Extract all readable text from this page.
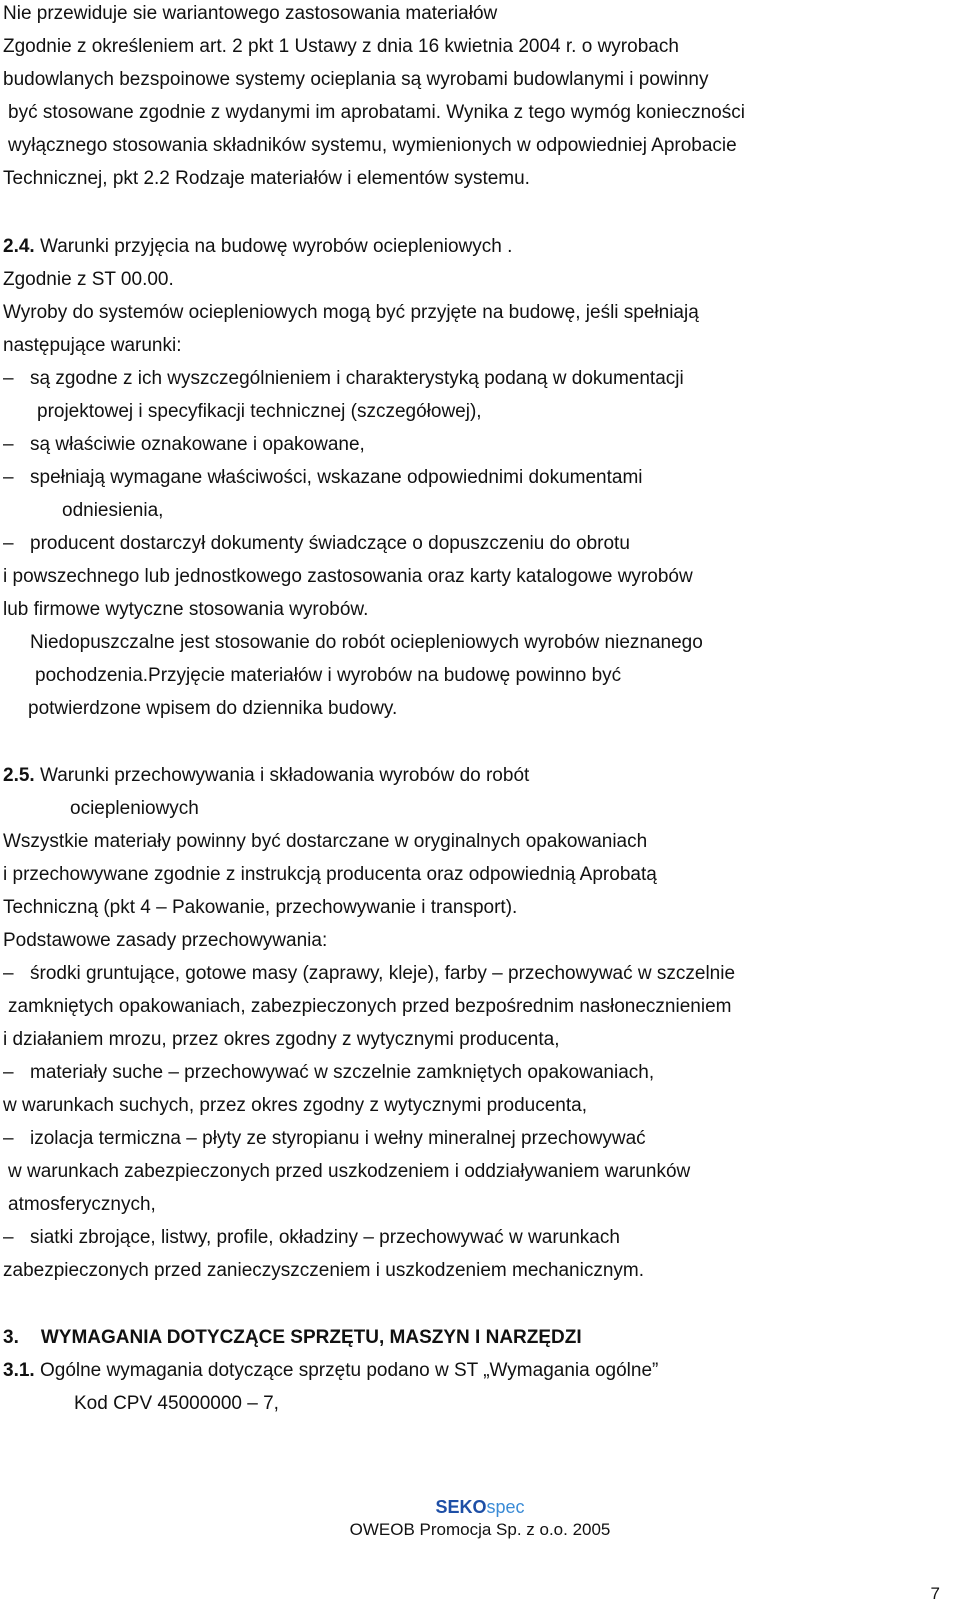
Nie przewiduje sie wariantowego zastosowania materiałów
Zgodnie z określeniem art. 2 pkt 1 Ustawy z dnia 16 kwietnia 2004 r. o wyrobach
budowlanych bezspoinowe systemy ocieplania są wyrobami budowlanymi i powinny
być stosowane zgodnie z wydanymi im aprobatami. Wynika z tego wymóg konieczności
wyłącznego stosowania składników systemu, wymienionych w odpowiedniej Aprobacie
Technicznej, pkt 2.2 Rodzaje materiałów i elementów systemu.
2.4. Warunki przyjęcia na budowę wyrobów ociepleniowych .
Zgodnie z ST 00.00.
Wyroby do systemów ociepleniowych mogą być przyjęte na budowę, jeśli spełniają
następujące warunki:
– są zgodne z ich wyszczególnieniem i charakterystyką podaną w dokumentacji
projektowej i specyfikacji technicznej (szczegółowej),
– są właściwie oznakowane i opakowane,
– spełniają wymagane właściwości, wskazane odpowiednimi dokumentami
odniesienia,
– producent dostarczył dokumenty świadczące o dopuszczeniu do obrotu
i powszechnego lub jednostkowego zastosowania oraz karty katalogowe wyrobów
lub firmowe wytyczne stosowania wyrobów.
Niedopuszczalne jest stosowanie do robót ociepleniowych wyrobów nieznanego
pochodzenia.Przyjęcie materiałów i wyrobów na budowę powinno być
potwierdzone wpisem do dziennika budowy.
2.5. Warunki przechowywania i składowania wyrobów do robót
ociepleniowych
Wszystkie materiały powinny być dostarczane w oryginalnych opakowaniach
i przechowywane zgodnie z instrukcją producenta oraz odpowiednią Aprobatą
Techniczną (pkt 4 – Pakowanie, przechowywanie i transport).
Podstawowe zasady przechowywania:
– środki gruntujące, gotowe masy (zaprawy, kleje), farby – przechowywać w szczelnie
zamkniętych opakowaniach, zabezpieczonych przed bezpośrednim nasłonecznieniem
i działaniem mrozu, przez okres zgodny z wytycznymi producenta,
– materiały suche – przechowywać w szczelnie zamkniętych opakowaniach,
w warunkach suchych, przez okres zgodny z wytycznymi producenta,
– izolacja termiczna – płyty ze styropianu i wełny mineralnej przechowywać
w warunkach zabezpieczonych przed uszkodzeniem i oddziaływaniem warunków
atmosferycznych,
– siatki zbrojące, listwy, profile, okładziny – przechowywać w warunkach
zabezpieczonych przed zanieczyszczeniem i uszkodzeniem mechanicznym.
3. WYMAGANIA DOTYCZĄCE SPRZĘTU, MASZYN I NARZĘDZI
3.1. Ogólne wymagania dotyczące sprzętu podano w ST „Wymagania ogólne”
Kod CPV 45000000 – 7,
SEKOspec
OWEOB Promocja Sp. z o.o. 2005
7
